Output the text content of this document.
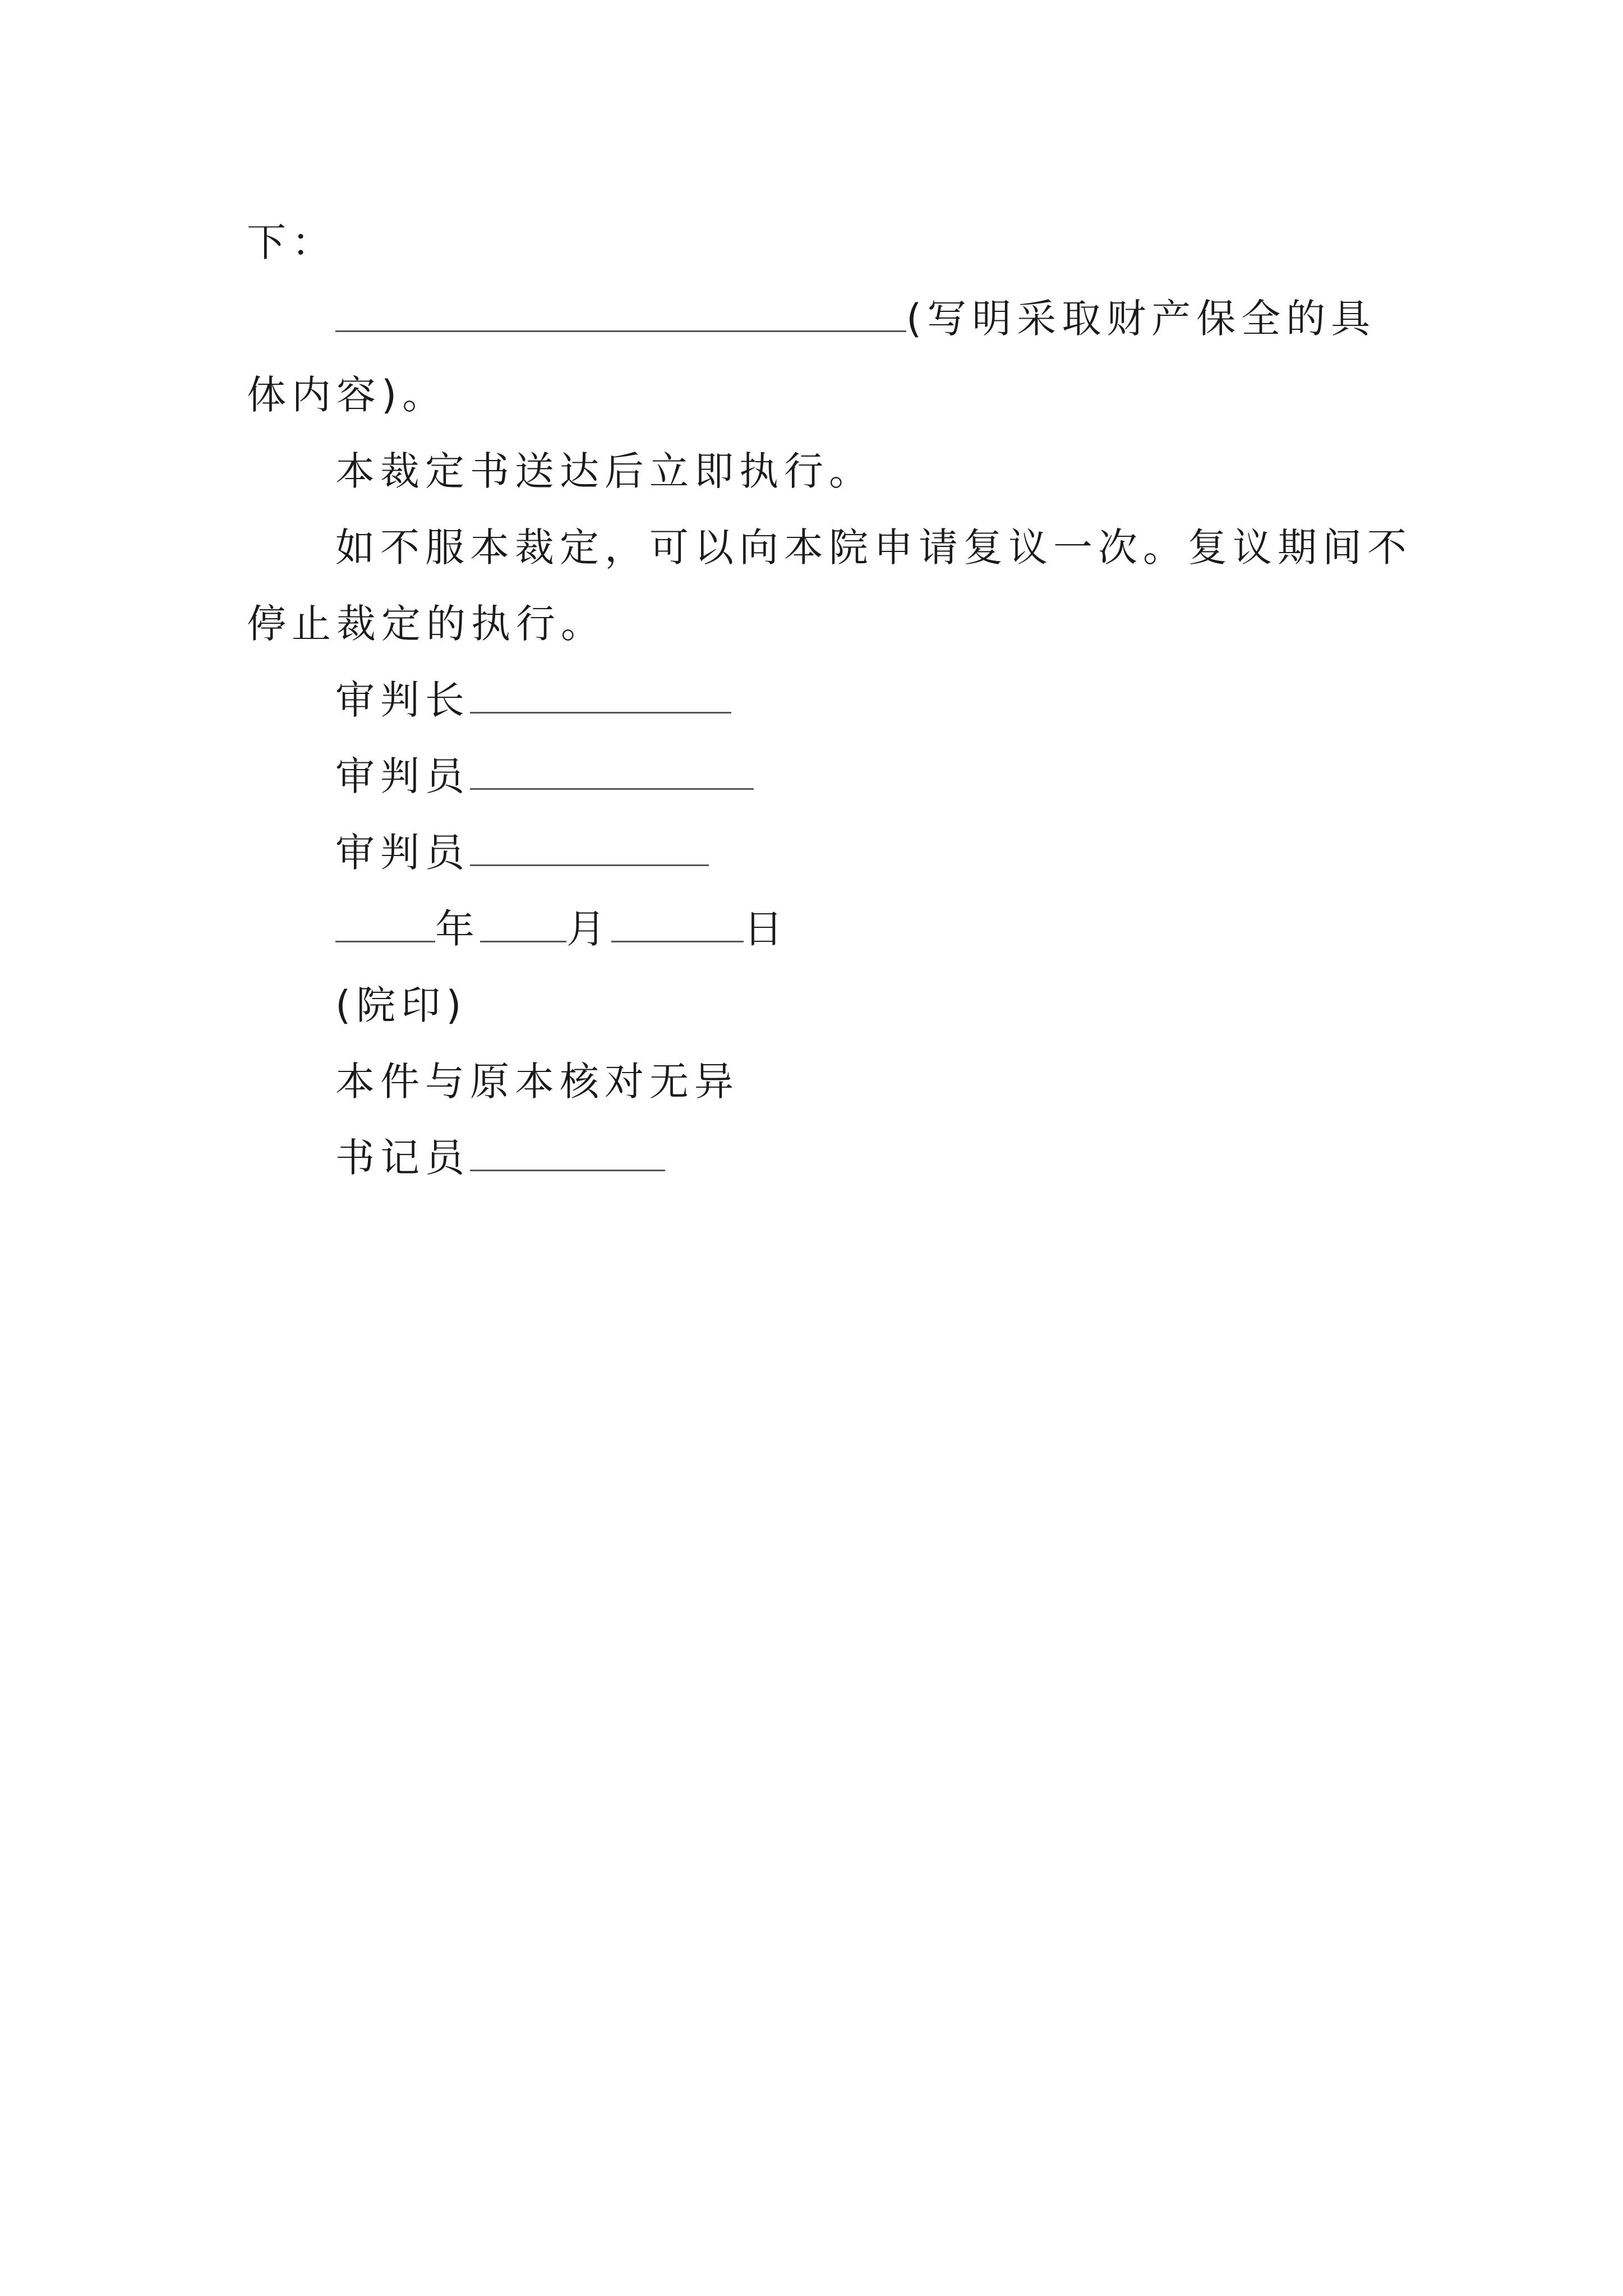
下：
(写明采取财产保全的具
体内容)。
本裁定书送达后立即执行。
如不服本裁定，可以向本院申请复议一次。复议期间不
停止裁定的执行。
审判长
审判员
审判员
年 月	日
(院印)
本件与原本核对无异
书记员
